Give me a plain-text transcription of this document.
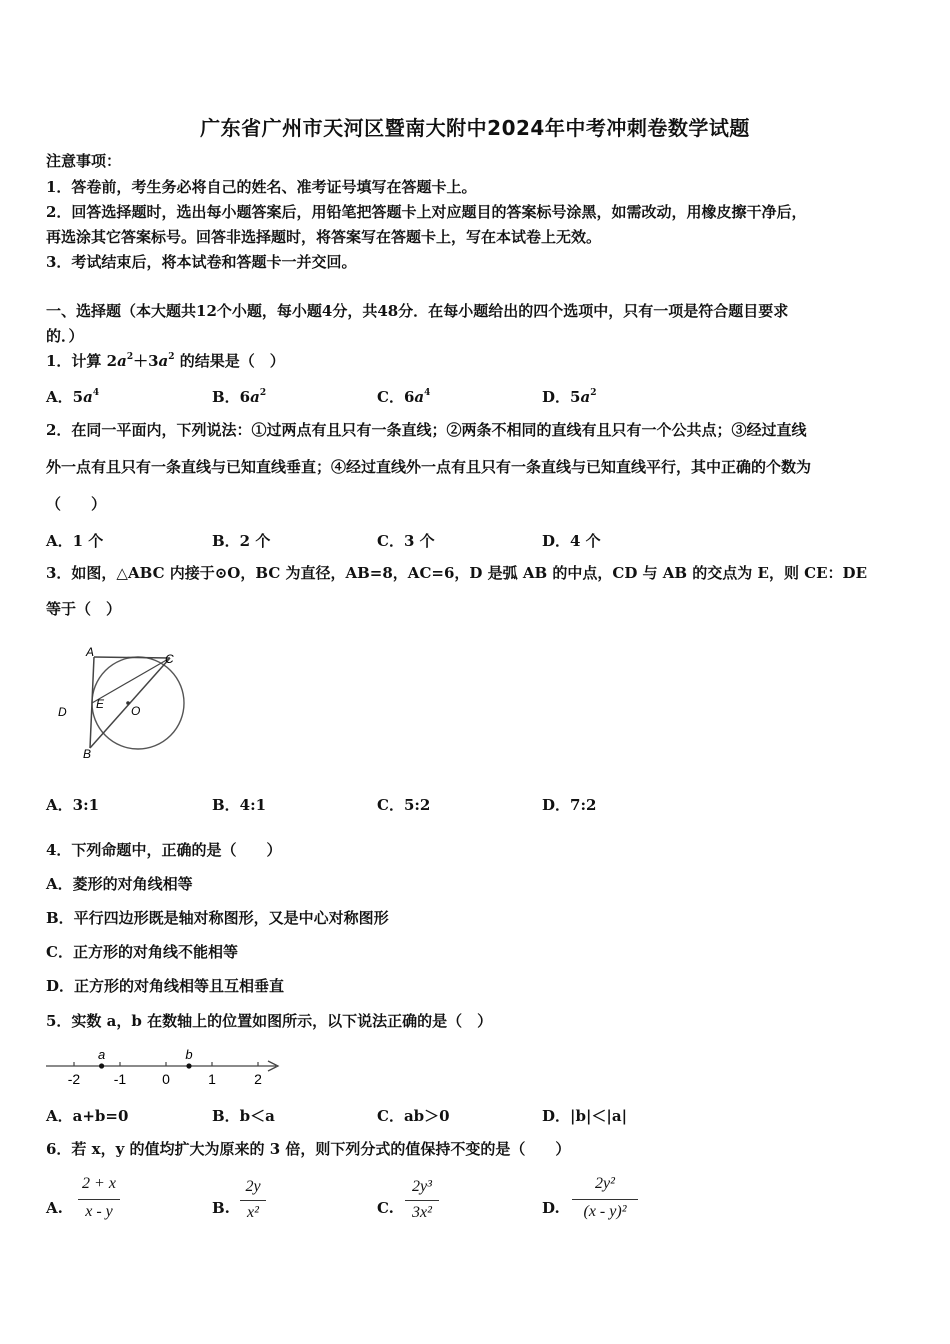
广东省广州市天河区暨南大附中2024年中考冲刺卷数学试题
注意事项：
1．答卷前，考生务必将自己的姓名、准考证号填写在答题卡上。
2．回答选择题时，选出每小题答案后，用铅笔把答题卡上对应题目的答案标号涂黑，如需改动，用橡皮擦干净后，
再选涂其它答案标号。回答非选择题时，将答案写在答题卡上，写在本试卷上无效。
3．考试结束后，将本试卷和答题卡一并交回。
一、选择题（本大题共12个小题，每小题4分，共48分．在每小题给出的四个选项中，只有一项是符合题目要求
的．）
1．计算 $2a^2+3a^2$ 的结果是（　）
A．$5a^4$	B．$6a^2$	C．$6a^4$	D．$5a^2$
2．在同一平面内，下列说法：①过两点有且只有一条直线；②两条不相同的直线有且只有一个公共点；③经过直线
外一点有且只有一条直线与已知直线垂直；④经过直线外一点有且只有一条直线与已知直线平行，其中正确的个数为
（　　）
A．1 个	B．2 个	C．3 个	D．4 个
3．如图，△ABC 内接于⊙O，BC 为直径，AB=8，AC=6，D 是弧 AB 的中点，CD 与 AB 的交点为 E，则 CE：DE
等于（　）
A	C
D
E O
B
A．3:1	B．4:1	C．5:2	D．7:2
4．下列命题中，正确的是（　　）
A．菱形的对角线相等
B．平行四边形既是轴对称图形，又是中心对称图形
C．正方形的对角线不能相等
D．正方形的对角线相等且互相垂直
5．实数 a，b 在数轴上的位置如图所示，以下说法正确的是（　）
-2 -1	0	1	2
a	b
A．a+b=0	B．b＜a	C．ab＞0	D．|b|＜|a|
6．若 x，y 的值均扩大为原来的 3 倍，则下列分式的值保持不变的是（　　）
A.
2 + x
x - y	B.
2y
x²	C.
2y³
3x²	D.
2y²
(x - y)²
